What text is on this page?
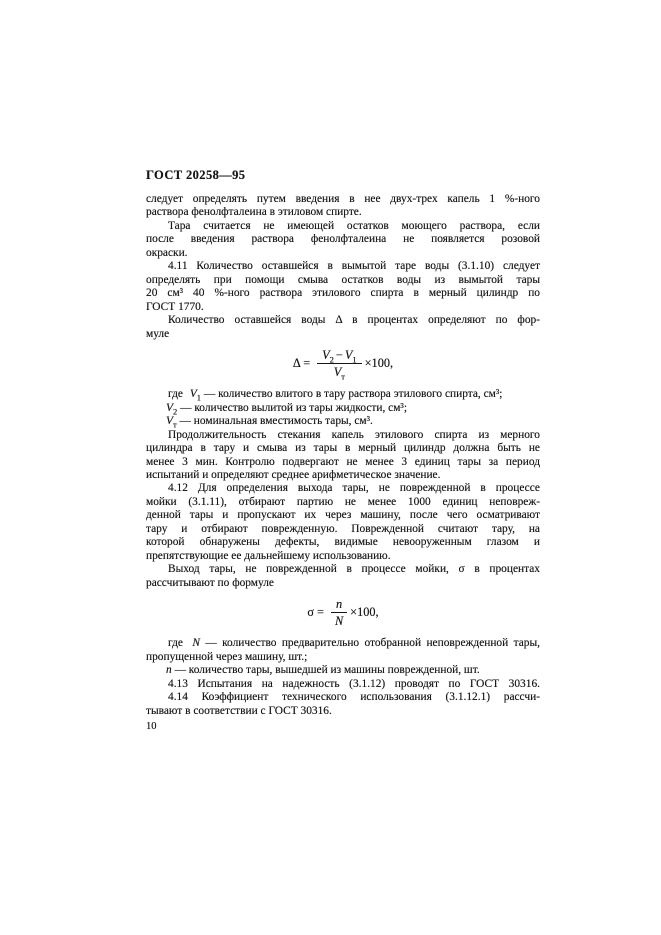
ГОСТ 20258—95

следует определять путем введения в нее двух-трех капель 1 %-ного
раствора фенолфталеина в этиловом спирте.

Тара считается не имеющей остатков моющего раствора, если
после введения раствора фенолфталеина не появляется розовой
окраски.

4.11 Количество оставшейся в вымытой таре воды (3.1.10) следует
определять при помощи смыва остатков воды из вымытой тары
20 см³ 40 %-ного раствора этилового спирта в мерный цилиндр по
ГОСТ 1770.

Количество оставшейся воды Δ в процентах определяют по фор-
муле

$\Delta = \frac{V_2 - V_1}{V_т} \times 100$,
где $V_1$ — количество влитого в тару раствора этилового спирта, см³;
$V_2$ — количество вылитой из тары жидкости, см³;
$V_т$ — номинальная вместимость тары, см³.

Продолжительность стекания капель этилового спирта из мерного
цилиндра в тару и смыва из тары в мерный цилиндр должна быть не
менее 3 мин. Контролю подвергают не менее 3 единиц тары за период
испытаний и определяют среднее арифметическое значение.

4.12 Для определения выхода тары, не поврежденной в процессе
мойки (3.1.11), отбирают партию не менее 1000 единиц неповреж-
денной тары и пропускают их через машину, после чего осматривают
тару и отбирают поврежденную. Поврежденной считают тару, на
которой обнаружены дефекты, видимые невооруженным глазом и
препятствующие ее дальнейшему использованию.

Выход тары, не поврежденной в процессе мойки, σ в процентах
рассчитывают по формуле

$\sigma = \frac{n}{N} \times 100$,
где N — количество предварительно отобранной неповрежденной тары, пропущенной через машину, шт.;
n — количество тары, вышедшей из машины поврежденной, шт.

4.13 Испытания на надежность (3.1.12) проводят по ГОСТ 30316.

4.14 Коэффициент технического использования (3.1.12.1) рассчи-
тывают в соответствии с ГОСТ 30316.

10
